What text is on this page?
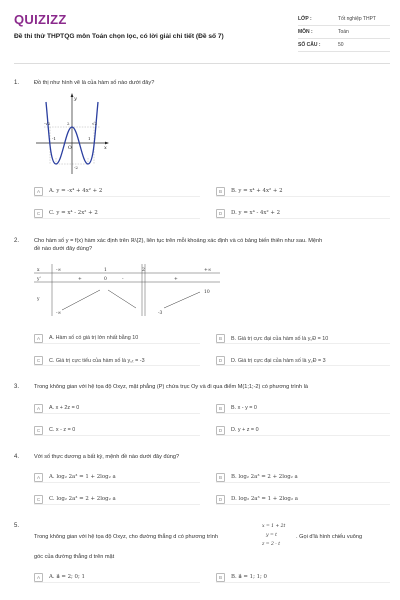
QUIZIZZ
Đề thi thử THPTQG môn Toán chọn lọc, có lời giải chi tiết (Đề số 7)
LỚP :	Tốt nghiệp THPT
MÔN :	Toán
SỐ CÂU :	50
1.	Đồ thị như hình vẽ là của hàm số nào dưới đây?
y
x
O
2
-1	1
√2
-√2
-2
A	A. y = -x⁴ + 4x² + 2	B	B. y = x⁴ + 4x² + 2
C	C. y = x⁴ - 2x² + 2	D	D. y = x⁴ - 4x² + 2
2.	Cho hàm số y = f(x) hàm xác định trên ℝ\{2}, liên tục trên mỗi khoảng xác định và có bảng biến thiên như sau. Mệnh
đề nào dưới đây đúng?
x	-∞	1	2	+∞
y'	+	0	-	+
y
10
-∞	-3
A	A. Hàm số có giá trị lớn nhất bằng 10	B	B. Giá trị cực đại của hàm số là y꜀Đ = 10
C	C. Giá trị cực tiểu của hàm số là y꜀ₜ = -3	D	D. Giá trị cực đại của hàm số là y꜀Đ = 3
3.	Trong không gian với hệ tọa độ Oxyz, mặt phẳng (P) chứa trục Oy và đi qua điểm M(1;1;-2) có phương trình là
A	A. x + 2z = 0	B	B. x - y = 0
C	C. x - z = 0	D	D. y + z = 0
4.	Với số thực dương a bất kỳ, mệnh đề nào dưới đây đúng?
A	A. log₂ 2a³ = 1 + 2log₂ a	B	B. log₂ 2a³ = 2 + 2log₂ a
C	C. log₂ 2a³ = 2 + 2log₂ a	D	D. log₂ 2a³ = 1 + 2log₂ a
5.
Trong không gian với hệ tọa độ Oxyz, cho đường thẳng d có phương trình
x = 1 + 2t
y = t
z = 2 - t
. Gọi d'là hình chiếu vuông
góc của đường thẳng d trên mặt
A	A. a⃗ = 2; 0; 1	B	B. a⃗ = 1; 1; 0
